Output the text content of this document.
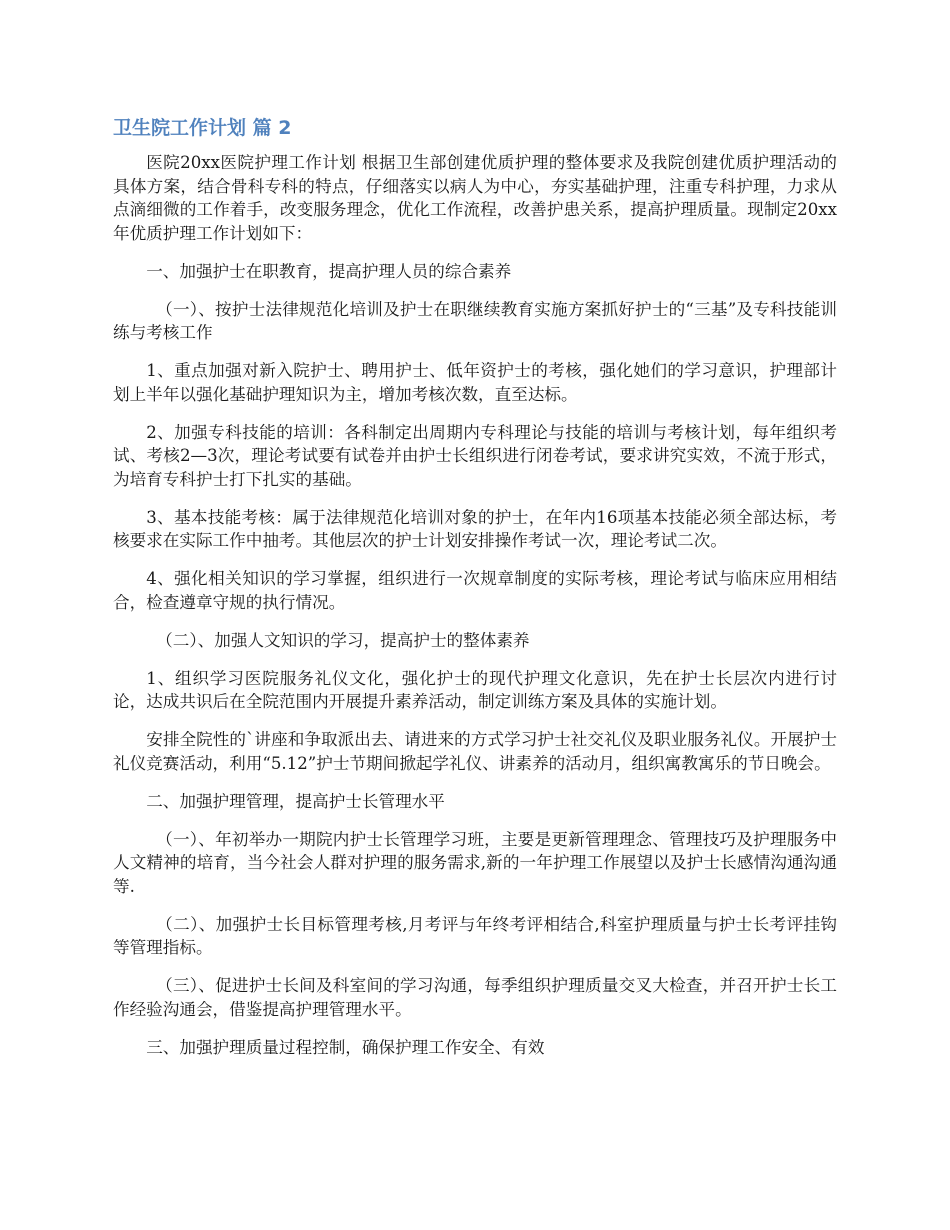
卫生院工作计划 篇 2

医院20xx医院护理工作计划 根据卫生部创建优质护理的整体要求及我院创建优质护理活动的具体方案，结合骨科专科的特点，仔细落实以病人为中心，夯实基础护理，注重专科护理，力求从点滴细微的工作着手，改变服务理念，优化工作流程，改善护患关系，提高护理质量。现制定20xx年优质护理工作计划如下：

一、加强护士在职教育，提高护理人员的综合素养

（一）、按护士法律规范化培训及护士在职继续教育实施方案抓好护士的“三基”及专科技能训练与考核工作

1、重点加强对新入院护士、聘用护士、低年资护士的考核，强化她们的学习意识，护理部计划上半年以强化基础护理知识为主，增加考核次数，直至达标。

2、加强专科技能的培训：各科制定出周期内专科理论与技能的培训与考核计划，每年组织考试、考核2—3次，理论考试要有试卷并由护士长组织进行闭卷考试，要求讲究实效，不流于形式，为培育专科护士打下扎实的基础。

3、基本技能考核：属于法律规范化培训对象的护士，在年内16项基本技能必须全部达标，考核要求在实际工作中抽考。其他层次的护士计划安排操作考试一次，理论考试二次。

4、强化相关知识的学习掌握，组织进行一次规章制度的实际考核，理论考试与临床应用相结合，检查遵章守规的执行情况。

（二）、加强人文知识的学习，提高护士的整体素养

1、组织学习医院服务礼仪文化，强化护士的现代护理文化意识，先在护士长层次内进行讨论，达成共识后在全院范围内开展提升素养活动，制定训练方案及具体的实施计划。

安排全院性的`讲座和争取派出去、请进来的方式学习护士社交礼仪及职业服务礼仪。开展护士礼仪竞赛活动，利用“5.12”护士节期间掀起学礼仪、讲素养的活动月，组织寓教寓乐的节日晚会。

二、加强护理管理，提高护士长管理水平

（一）、年初举办一期院内护士长管理学习班，主要是更新管理理念、管理技巧及护理服务中人文精神的培育，当今社会人群对护理的服务需求,新的一年护理工作展望以及护士长感情沟通沟通等.

（二）、加强护士长目标管理考核,月考评与年终考评相结合,科室护理质量与护士长考评挂钩等管理指标。

（三）、促进护士长间及科室间的学习沟通，每季组织护理质量交叉大检查，并召开护士长工作经验沟通会，借鉴提高护理管理水平。

三、加强护理质量过程控制，确保护理工作安全、有效
